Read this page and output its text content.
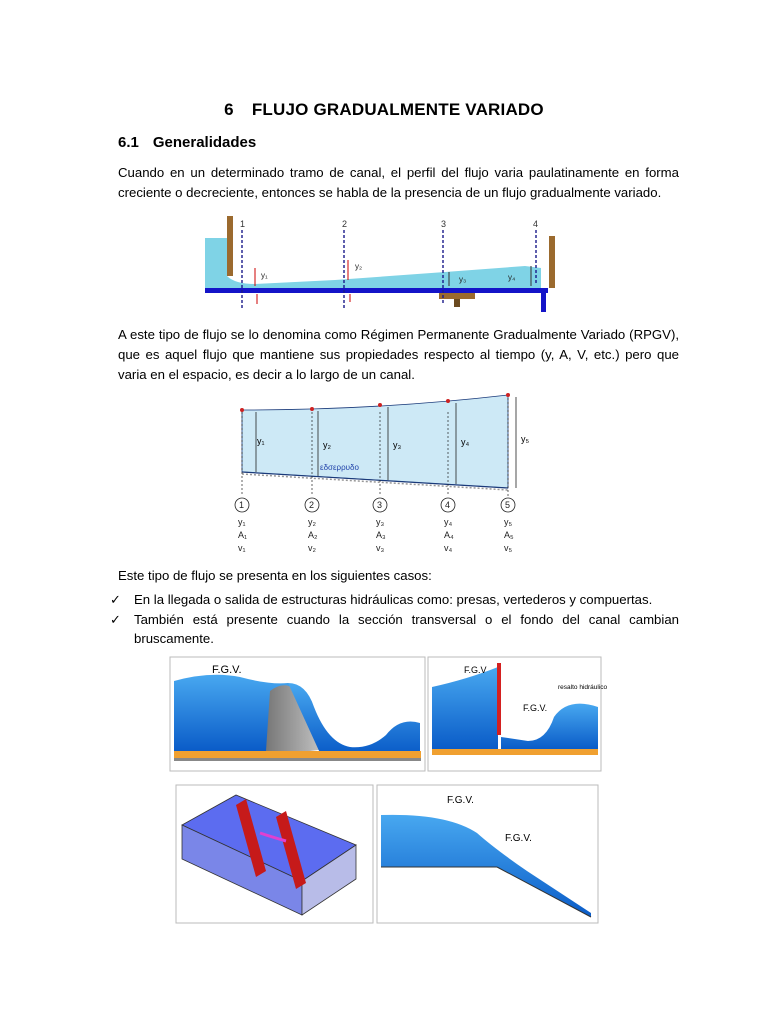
6 FLUJO GRADUALMENTE VARIADO
6.1 Generalidades
Cuando en un determinado tramo de canal, el perfil del flujo varia paulatinamente en forma creciente o decreciente, entonces se habla de la presencia de un flujo gradualmente variado.
1	2	3	4
y₁
y₂
y₃	y₄
A este tipo de flujo se lo denomina como Régimen Permanente Gradualmente Variado (RPGV), que es aquel flujo que mantiene sus propiedades respecto al tiempo (y, A, V, etc.) pero que varia en el espacio, es decir a lo largo de un canal.
y₁	y₂	y₃	y₄	y₅
εδσερρυδο
1	2	3	4	5
y₁
A₁
v₁
y₂
A₂
v₂
y₃
A₃
v₃
y₄
A₄
v₄
y₅
A₅
v₅
Este tipo de flujo se presenta en los siguientes casos:
✓ En la llegada o salida de estructuras hidráulicas como: presas, vertederos y compuertas.
✓ También está presente cuando la sección transversal o el fondo del canal cambian bruscamente.
F.G.V.	F.G.V
F.G.V.
resalto hidráulico
F.G.V.
F.G.V.
